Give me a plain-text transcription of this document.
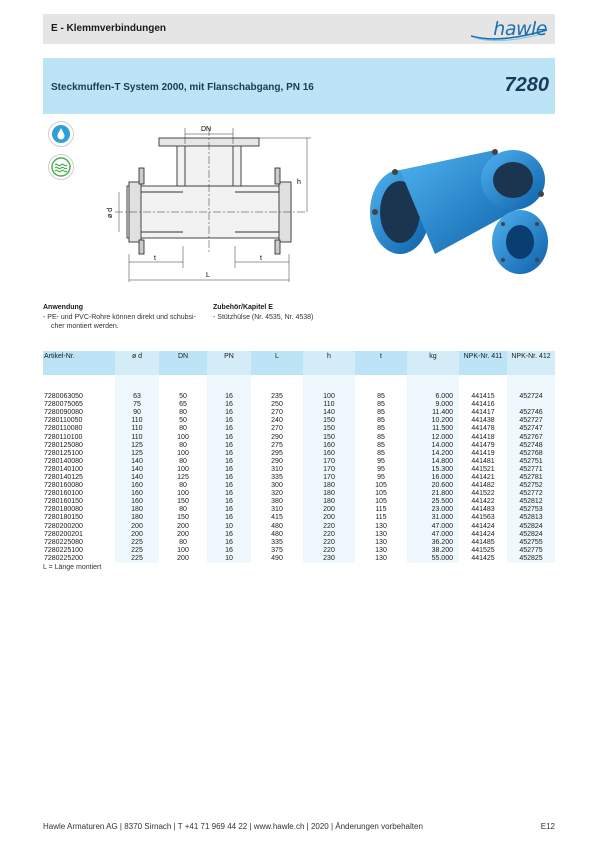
E - Klemmverbindungen	hawle
Steckmuffen-T System 2000, mit Flanschabgang, PN 16	7280
DN
h
ø d
t	t
L
Anwendung
- PE- und PVC-Rohre können direkt und schubsi-
cher montiert werden.
Zubehör/Kapitel E
- Stützhülse (Nr. 4535, Nr. 4538)
Artikel-Nr.	ø d	DN	PN	L	h	t	kg	NPK-Nr. 411	NPK-Nr. 412

7280063050	63	50	16	235	100	85	6.000	441415	452724
7280075065	75	65	16	250	110	85	9.000	441416	
7280090080	90	80	16	270	140	85	11.400	441417	452746
7280110050	110	50	16	240	150	85	10.200	441438	452727
7280110080	110	80	16	270	150	85	11.500	441478	452747
7280110100	110	100	16	290	150	85	12.000	441418	452767
7280125080	125	80	16	275	160	85	14.000	441479	452748
7280125100	125	100	16	295	160	85	14.200	441419	452768
7280140080	140	80	16	290	170	95	14.800	441481	452751
7280140100	140	100	16	310	170	95	15.300	441521	452771
7280140125	140	125	16	335	170	95	16.000	441421	452781
7280160080	160	80	16	300	180	105	20.600	441482	452752
7280160100	160	100	16	320	180	105	21.800	441522	452772
7280160150	160	150	16	380	180	105	25.500	441422	452812
7280180080	180	80	16	310	200	115	23.000	441483	452753
7280180150	180	150	16	415	200	115	31.000	441563	452813
7280200200	200	200	10	480	220	130	47.000	441424	452824
7280200201	200	200	16	480	220	130	47.000	441424	452824
7280225080	225	80	16	335	220	130	36.200	441485	452755
7280225100	225	100	16	375	220	130	38.200	441525	452775
7280225200	225	200	10	490	230	130	55.000	441425	452825
L = Länge montiert
Hawle Armaturen AG | 8370 Sirnach | T +41 71 969 44 22 | www.hawle.ch | 2020 | Änderungen vorbehalten	E12
